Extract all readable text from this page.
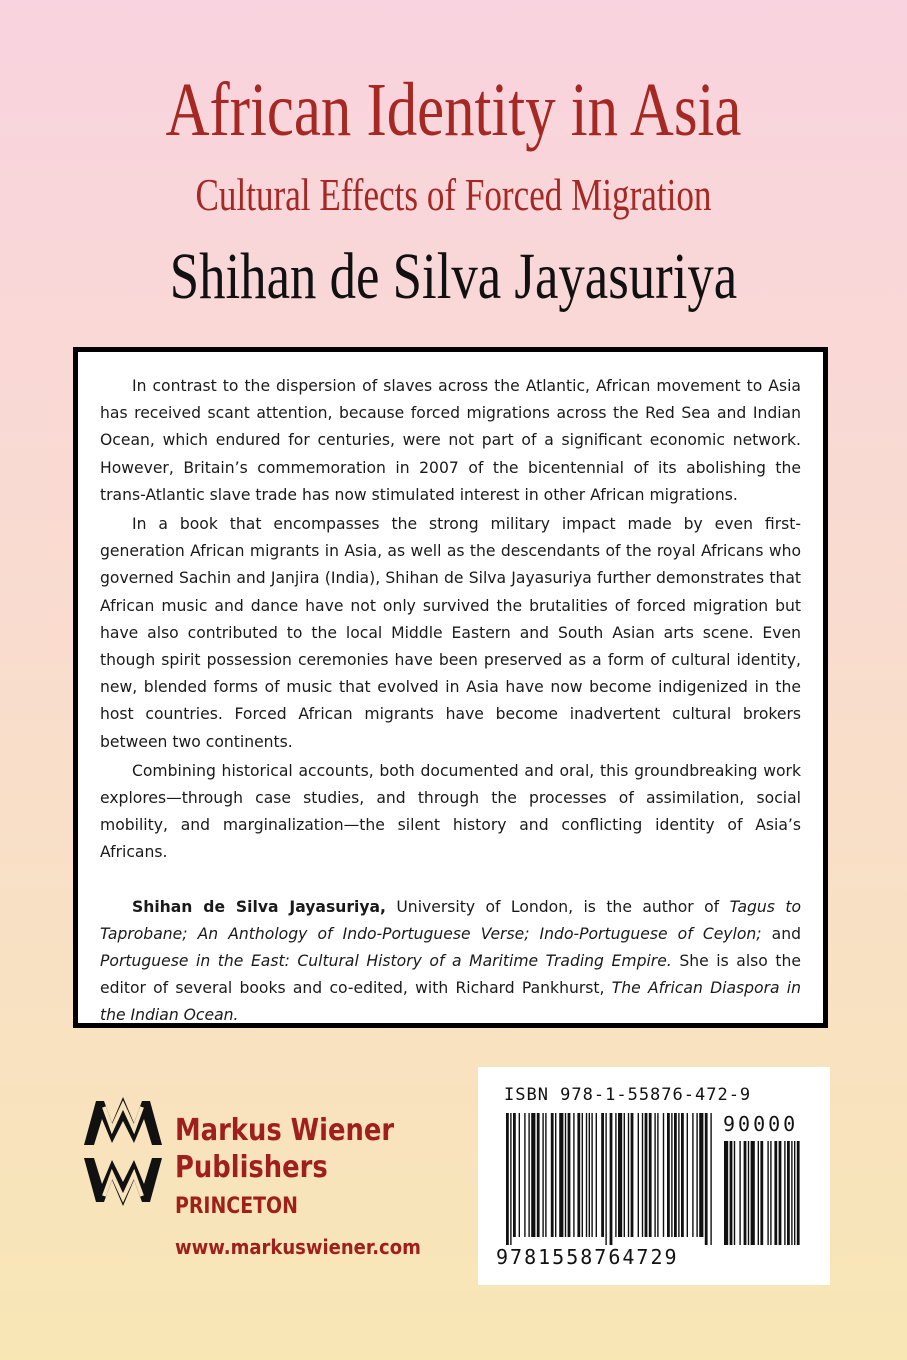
African Identity in Asia
Cultural Effects of Forced Migration
Shihan de Silva Jayasuriya

In contrast to the dispersion of slaves across the Atlantic, African movement to Asia has received scant attention, because forced migrations across the Red Sea and Indian Ocean, which endured for centuries, were not part of a significant economic network. However, Britain’s commemoration in 2007 of the bicentennial of its abolishing the trans-Atlantic slave trade has now stimulated interest in other African migrations.

In a book that encompasses the strong military impact made by even first-generation African migrants in Asia, as well as the descendants of the royal Africans who governed Sachin and Janjira (India), Shihan de Silva Jayasuriya further demonstrates that African music and dance have not only survived the brutalities of forced migration but have also contributed to the local Middle Eastern and South Asian arts scene. Even though spirit possession ceremonies have been preserved as a form of cultural identity, new, blended forms of music that evolved in Asia have now become indigenized in the host countries. Forced African migrants have become inadvertent cultural brokers between two continents.

Combining historical accounts, both documented and oral, this groundbreaking work explores—through case studies, and through the processes of assimilation, social mobility, and marginalization—the silent history and conflicting identity of Asia’s Africans.

Shihan de Silva Jayasuriya, University of London, is the author of Tagus to Taprobane; An Anthology of Indo-Portuguese Verse; Indo-Portuguese of Ceylon; and Portuguese in the East: Cultural History of a Maritime Trading Empire. She is also the editor of several books and co-edited, with Richard Pankhurst, The African Diaspora in the Indian Ocean.

Markus Wiener
Publishers
PRINCETON
www.markuswiener.com
ISBN 978-1-55876-472-9
90000
9781558764729
